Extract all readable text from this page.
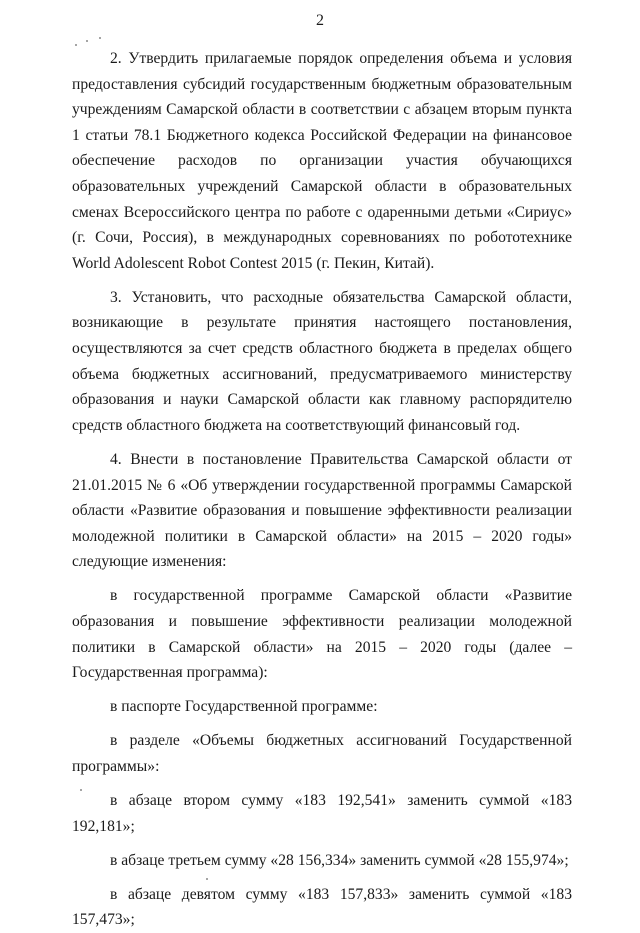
2

2. Утвердить прилагаемые порядок определения объема и условия предоставления субсидий государственным бюджетным образовательным учреждениям Самарской области в соответствии с абзацем вторым пункта 1 статьи 78.1 Бюджетного кодекса Российской Федерации на финансовое обеспечение расходов по организации участия обучающихся образовательных учреждений Самарской области в образовательных сменах Всероссийского центра по работе с одаренными детьми «Сириус» (г. Сочи, Россия), в международных соревнованиях по робототехнике World Adolescent Robot Contest 2015 (г. Пекин, Китай).

3. Установить, что расходные обязательства Самарской области, возникающие в результате принятия настоящего постановления, осуществляются за счет средств областного бюджета в пределах общего объема бюджетных ассигнований, предусматриваемого министерству образования и науки Самарской области как главному распорядителю средств областного бюджета на соответствующий финансовый год.

4. Внести в постановление Правительства Самарской области от 21.01.2015 № 6 «Об утверждении государственной программы Самарской области «Развитие образования и повышение эффективности реализации молодежной политики в Самарской области» на 2015 – 2020 годы» следующие изменения:

в государственной программе Самарской области «Развитие образования и повышение эффективности реализации молодежной политики в Самарской области» на 2015 – 2020 годы (далее – Государственная программа):

в паспорте Государственной программе:

в разделе «Объемы бюджетных ассигнований Государственной программы»:

в абзаце втором сумму «183 192,541» заменить суммой «183 192,181»;

в абзаце третьем сумму «28 156,334» заменить суммой «28 155,974»;

в абзаце девятом сумму «183 157,833» заменить суммой «183 157,473»;
